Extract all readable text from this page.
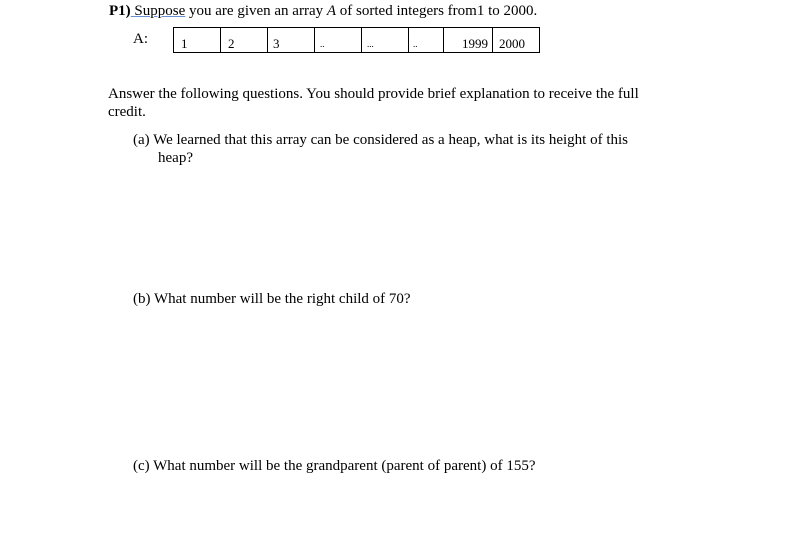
P1) Suppose you are given an array A of sorted integers from1 to 2000.
A:	1	2	3	..	...	..	1999	2000
Answer the following questions. You should provide brief explanation to receive the full
credit.
(a) We learned that this array can be considered as a heap, what is its height of this
heap?
(b) What number will be the right child of 70?
(c) What number will be the grandparent (parent of parent) of 155?
